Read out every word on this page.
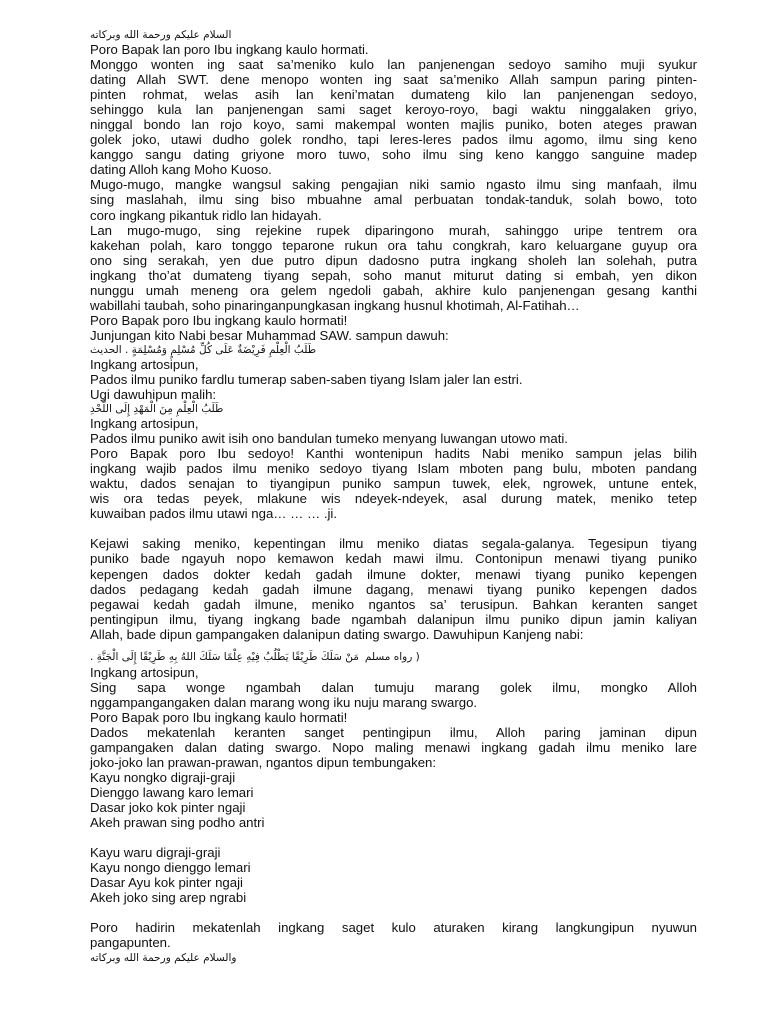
السلام عليكم ورحمة الله وبركاته

Poro Bapak lan poro Ibu ingkang kaulo hormati.

Monggo wonten ing saat sa’meniko kulo lan panjenengan sedoyo samiho muji syukur

dating Allah SWT. dene menopo wonten ing saat sa’meniko Allah sampun paring pinten-

pinten rohmat, welas asih lan keni’matan dumateng kilo lan panjenengan sedoyo,

sehinggo kula lan panjenengan sami saget keroyo-royo, bagi waktu ninggalaken griyo,

ninggal bondo lan rojo koyo, sami makempal wonten majlis puniko, boten ateges prawan

golek joko, utawi dudho golek rondho, tapi leres-leres pados ilmu agomo, ilmu sing keno

kanggo sangu dating griyone moro tuwo, soho ilmu sing keno kanggo sanguine madep

dating Alloh kang Moho Kuoso.

Mugo-mugo, mangke wangsul saking pengajian niki samio ngasto ilmu sing manfaah, ilmu

sing maslahah, ilmu sing biso mbuahne amal perbuatan tondak-tanduk, solah bowo, toto

coro ingkang pikantuk ridlo lan hidayah.

Lan mugo-mugo, sing rejekine rupek diparingono murah, sahinggo uripe tentrem ora

kakehan polah, karo tonggo teparone rukun ora tahu congkrah, karo keluargane guyup ora

ono sing serakah, yen due putro dipun dadosno putra ingkang sholeh lan solehah, putra

ingkang tho’at dumateng tiyang sepah, soho manut miturut dating si embah, yen dikon

nunggu umah meneng ora gelem ngedoli gabah, akhire kulo panjenengan gesang kanthi

wabillahi taubah, soho pinaringanpungkasan ingkang husnul khotimah, Al-Fatihah…

Poro Bapak poro Ibu ingkang kaulo hormati!

Junjungan kito Nabi besar Muhammad SAW. sampun dawuh:

طَلَبُ الْعِلْمِ فَرِيْضَةٌ عَلَى كُلِّ مُسْلِمٍ وَمُسْلِمَةٍ . الحديث

Ingkang artosipun,

Pados ilmu puniko fardlu tumerap saben-saben tiyang Islam jaler lan estri.

Ugi dawuhipun malih:

طَلَبُ الْعِلْمِ مِنَ الْمَهْدِ إِلَى اللَّحْدِ

Ingkang artosipun,

Pados ilmu puniko awit isih ono bandulan tumeko menyang luwangan utowo mati.

Poro Bapak poro Ibu sedoyo! Kanthi wontenipun hadits Nabi meniko sampun jelas bilih

ingkang wajib pados ilmu meniko sedoyo tiyang Islam mboten pang bulu, mboten pandang

waktu, dados senajan to tiyangipun puniko sampun tuwek, elek, ngrowek, untune entek,

wis ora tedas peyek, mlakune wis ndeyek-ndeyek, asal durung matek, meniko tetep

kuwaiban pados ilmu utawi nga… … … .ji.

Kejawi saking meniko, kepentingan ilmu meniko diatas segala-galanya. Tegesipun tiyang

puniko bade ngayuh nopo kemawon kedah mawi ilmu. Contonipun menawi tiyang puniko

kepengen dados dokter kedah gadah ilmune dokter, menawi tiyang puniko kepengen

dados pedagang kedah gadah ilmune dagang, menawi tiyang puniko kepengen dados

pegawai kedah gadah ilmune, meniko ngantos sa’ terusipun. Bahkan keranten sanget

pentingipun ilmu, tiyang ingkang bade ngambah dalanipun ilmu puniko dipun jamin kaliyan

Allah, bade dipun gampangaken dalanipun dating swargo. Dawuhipun Kanjeng nabi:

مَنْ سَلَكَ طَرِيْقًا يَطْلُبُ فِيْهِ عِلْمًا سَلَكَ اللهُ بِهِ طَرِيْقًا إِلَى الْجَنَّةِ . ( رواه مسلم

Ingkang artosipun,

Sing sapa wonge ngambah dalan tumuju marang golek ilmu, mongko Alloh

nggampangangaken dalan marang wong iku nuju marang swargo.

Poro Bapak poro Ibu ingkang kaulo hormati!

Dados mekatenlah keranten sanget pentingipun ilmu, Alloh paring jaminan dipun

gampangaken dalan dating swargo. Nopo maling menawi ingkang gadah ilmu meniko lare

joko-joko lan prawan-prawan, ngantos dipun tembungaken:

Kayu nongko digraji-graji

Dienggo lawang karo lemari

Dasar joko kok pinter ngaji

Akeh prawan sing podho antri

Kayu waru digraji-graji

Kayu nongo dienggo lemari

Dasar Ayu kok pinter ngaji

Akeh joko sing arep ngrabi

Poro hadirin mekatenlah ingkang saget kulo aturaken kirang langkungipun nyuwun

pangapunten.

والسلام عليكم ورحمة الله وبركاته
